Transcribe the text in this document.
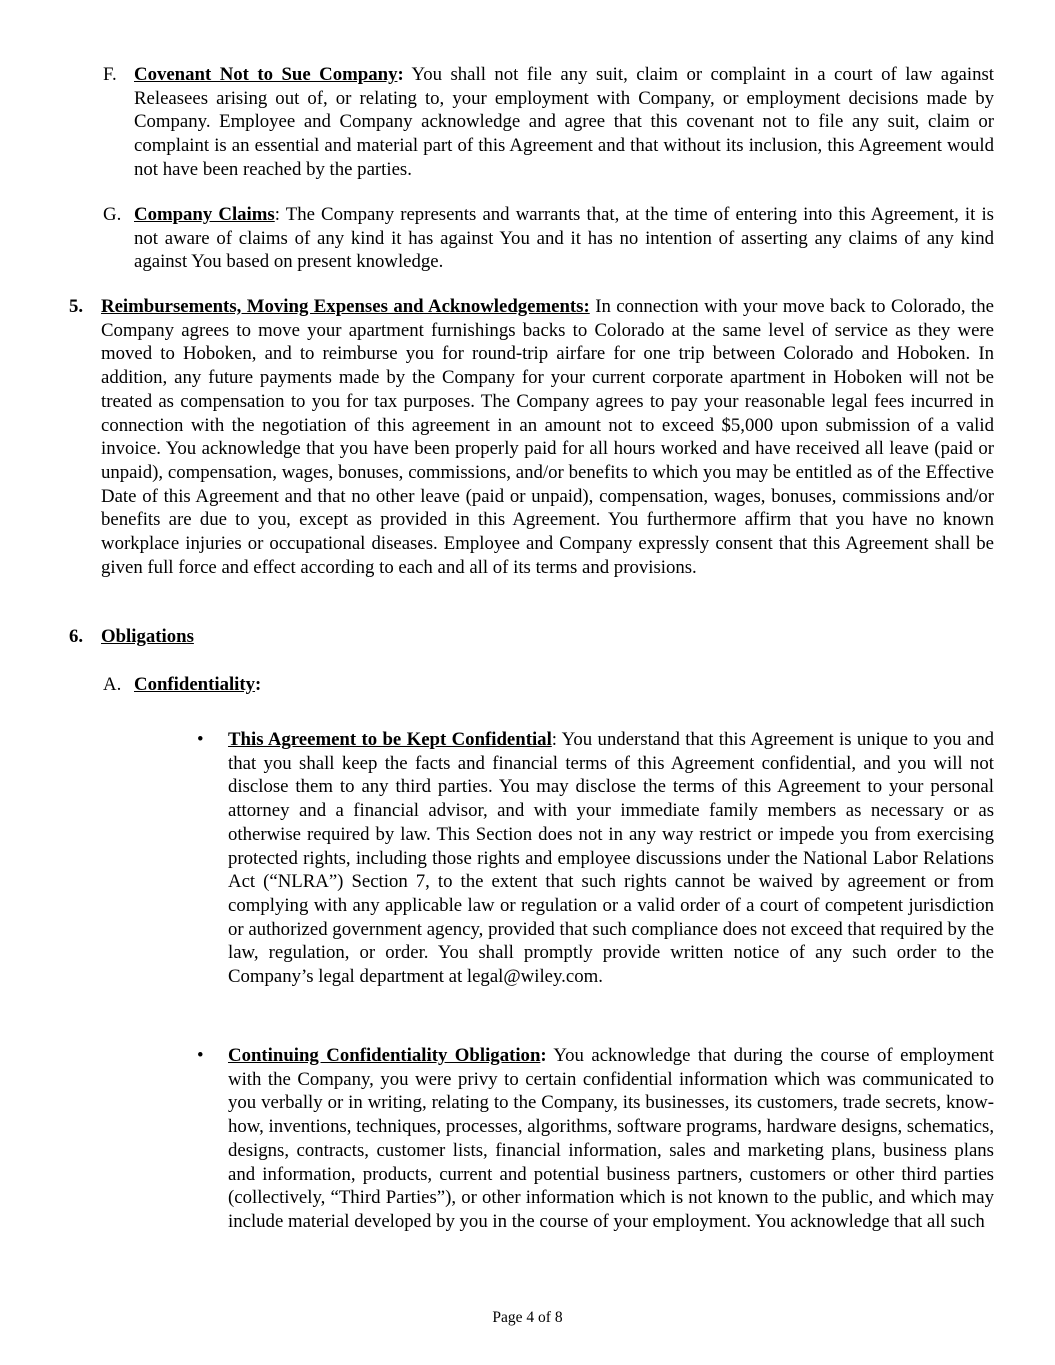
F. Covenant Not to Sue Company: You shall not file any suit, claim or complaint in a court of law against Releasees arising out of, or relating to, your employment with Company, or employment decisions made by Company. Employee and Company acknowledge and agree that this covenant not to file any suit, claim or complaint is an essential and material part of this Agreement and that without its inclusion, this Agreement would not have been reached by the parties.

G. Company Claims: The Company represents and warrants that, at the time of entering into this Agreement, it is not aware of claims of any kind it has against You and it has no intention of asserting any claims of any kind against You based on present knowledge.

5. Reimbursements, Moving Expenses and Acknowledgements: In connection with your move back to Colorado, the Company agrees to move your apartment furnishings backs to Colorado at the same level of service as they were moved to Hoboken, and to reimburse you for round-trip airfare for one trip between Colorado and Hoboken. In addition, any future payments made by the Company for your current corporate apartment in Hoboken will not be treated as compensation to you for tax purposes. The Company agrees to pay your reasonable legal fees incurred in connection with the negotiation of this agreement in an amount not to exceed $5,000 upon submission of a valid invoice. You acknowledge that you have been properly paid for all hours worked and have received all leave (paid or unpaid), compensation, wages, bonuses, commissions, and/or benefits to which you may be entitled as of the Effective Date of this Agreement and that no other leave (paid or unpaid), compensation, wages, bonuses, commissions and/or benefits are due to you, except as provided in this Agreement. You furthermore affirm that you have no known workplace injuries or occupational diseases. Employee and Company expressly consent that this Agreement shall be given full force and effect according to each and all of its terms and provisions.

6. Obligations
A. Confidentiality:
• This Agreement to be Kept Confidential: You understand that this Agreement is unique to you and that you shall keep the facts and financial terms of this Agreement confidential, and you will not disclose them to any third parties. You may disclose the terms of this Agreement to your personal attorney and a financial advisor, and with your immediate family members as necessary or as otherwise required by law. This Section does not in any way restrict or impede you from exercising protected rights, including those rights and employee discussions under the National Labor Relations Act (“NLRA”) Section 7, to the extent that such rights cannot be waived by agreement or from complying with any applicable law or regulation or a valid order of a court of competent jurisdiction or authorized government agency, provided that such compliance does not exceed that required by the law, regulation, or order. You shall promptly provide written notice of any such order to the Company’s legal department at legal@wiley.com.

• Continuing Confidentiality Obligation: You acknowledge that during the course of employment with the Company, you were privy to certain confidential information which was communicated to you verbally or in writing, relating to the Company, its businesses, its customers, trade secrets, know-how, inventions, techniques, processes, algorithms, software programs, hardware designs, schematics, designs, contracts, customer lists, financial information, sales and marketing plans, business plans and information, products, current and potential business partners, customers or other third parties (collectively, “Third Parties”), or other information which is not known to the public, and which may include material developed by you in the course of your employment. You acknowledge that all such

Page 4 of 8
